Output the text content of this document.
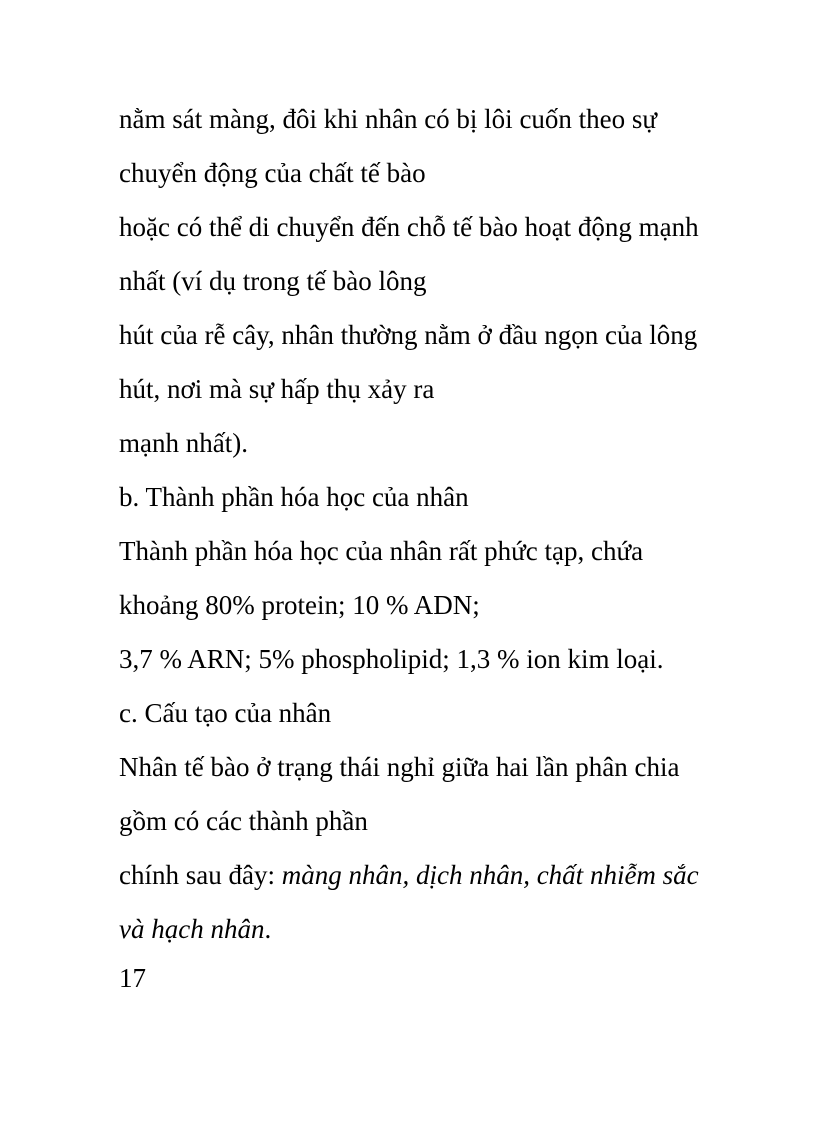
nằm sát màng, đôi khi nhân có bị lôi cuốn theo sự
chuyển động của chất tế bào
hoặc có thể di chuyển đến chỗ tế bào hoạt động mạnh
nhất (ví dụ trong tế bào lông
hút của rễ cây, nhân thường nằm ở đầu ngọn của lông
hút, nơi mà sự hấp thụ xảy ra
mạnh nhất).
b. Thành phần hóa học của nhân
Thành phần hóa học của nhân rất phức tạp, chứa
khoảng 80% protein; 10 % ADN;
3,7 % ARN; 5% phospholipid; 1,3 % ion kim loại.
c. Cấu tạo của nhân
Nhân tế bào ở trạng thái nghỉ giữa hai lần phân chia
gồm có các thành phần
chính sau đây: màng nhân, dịch nhân, chất nhiễm sắc
và hạch nhân.
17
